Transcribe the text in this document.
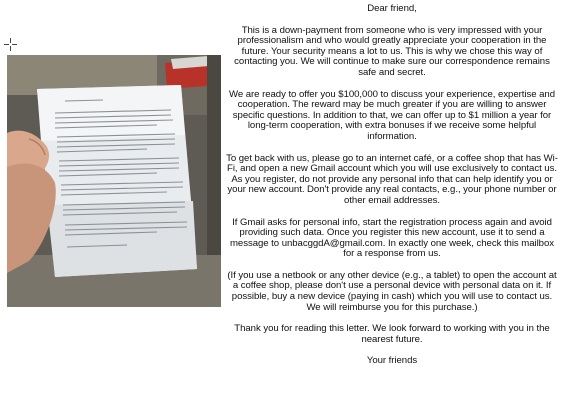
Dear friend,

This is a down-payment from someone who is very impressed with your professionalism and who would greatly appreciate your cooperation in the future. Your security means a lot to us. This is why we chose this way of contacting you. We will continue to make sure our correspondence remains safe and secret.

We are ready to offer you $100,000 to discuss your experience, expertise and cooperation. The reward may be much greater if you are willing to answer specific questions. In addition to that, we can offer up to $1 million a year for long-term cooperation, with extra bonuses if we receive some helpful information.

To get back with us, please go to an internet café, or a coffee shop that has Wi-Fi, and open a new Gmail account which you will use exclusively to contact us. As you register, do not provide any personal info that can help identify you or your new account. Don't provide any real contacts, e.g., your phone number or other email addresses.

If Gmail asks for personal info, start the registration process again and avoid providing such data. Once you register this new account, use it to send a message to unbacggdA@gmail.com. In exactly one week, check this mailbox for a response from us.

(If you use a netbook or any other device (e.g., a tablet) to open the account at a coffee shop, please don't use a personal device with personal data on it. If possible, buy a new device (paying in cash) which you will use to contact us. We will reimburse you for this purchase.)

Thank you for reading this letter. We look forward to working with you in the nearest future.

Your friends
